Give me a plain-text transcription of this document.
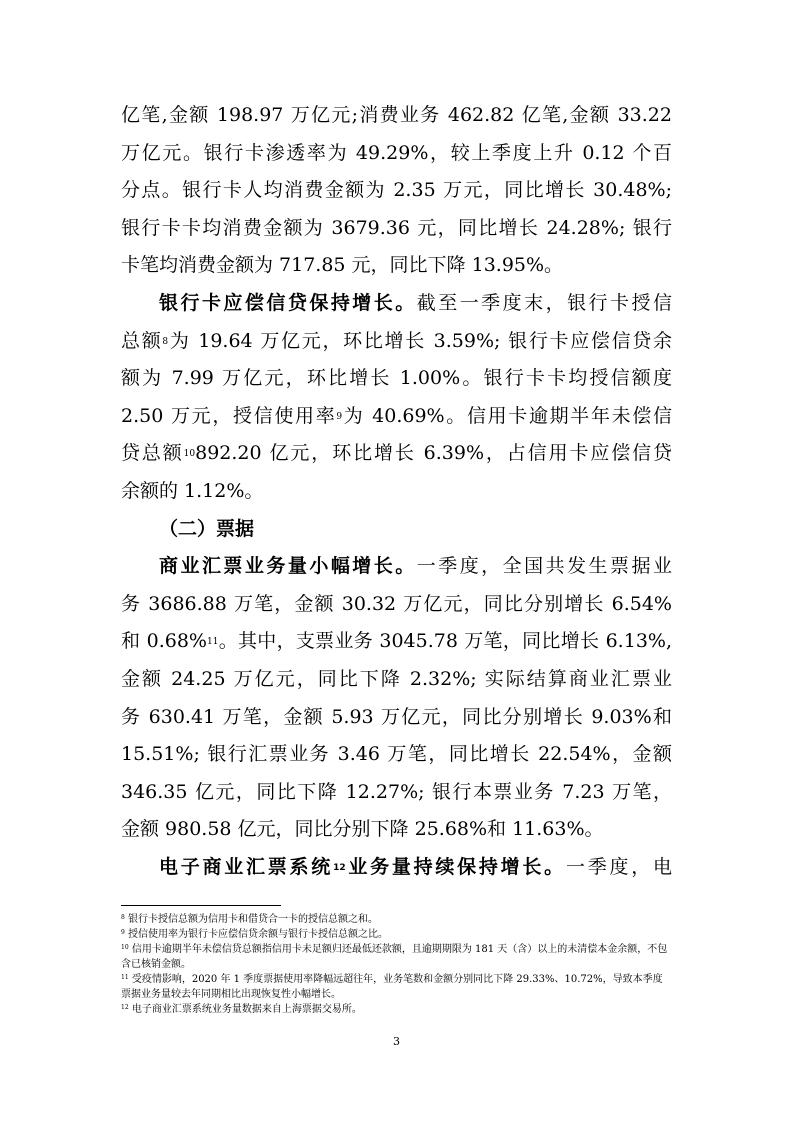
亿笔,金额 198.97 万亿元;消费业务 462.82 亿笔,金额 33.22
万亿元。银行卡渗透率为 49.29%，较上季度上升 0.12 个百
分点。银行卡人均消费金额为 2.35 万元，同比增长 30.48%;
银行卡卡均消费金额为 3679.36 元，同比增长 24.28%; 银行
卡笔均消费金额为 717.85 元，同比下降 13.95%。
银行卡应偿信贷保持增长。截至一季度末，银行卡授信
总额$^8$为 19.64 万亿元，环比增长 3.59%; 银行卡应偿信贷余
额为 7.99 万亿元，环比增长 1.00%。银行卡卡均授信额度
2.50 万元，授信使用率$^9$为 40.69%。信用卡逾期半年未偿信
贷总额$^{10}$892.20 亿元，环比增长 6.39%，占信用卡应偿信贷
余额的 1.12%。
（二）票据
商业汇票业务量小幅增长。一季度，全国共发生票据业
务 3686.88 万笔，金额 30.32 万亿元，同比分别增长 6.54%
和 0.68%$^{11}$。其中，支票业务 3045.78 万笔，同比增长 6.13%,
金额 24.25 万亿元，同比下降 2.32%; 实际结算商业汇票业
务 630.41 万笔，金额 5.93 万亿元，同比分别增长 9.03%和
15.51%; 银行汇票业务 3.46 万笔，同比增长 22.54%，金额
346.35 亿元，同比下降 12.27%; 银行本票业务 7.23 万笔，
金额 980.58 亿元，同比分别下降 25.68%和 11.63%。
电子商业汇票系统$^{12}$业务量持续保持增长。一季度，电
$^8$ 银行卡授信总额为信用卡和借贷合一卡的授信总额之和。
$^9$ 授信使用率为银行卡应偿信贷余额与银行卡授信总额之比。
$^{10}$ 信用卡逾期半年未偿信贷总额指信用卡未足额归还最低还款额，且逾期期限为 181 天（含）以上的未清偿本金余额，不包含已核销金额。
$^{11}$ 受疫情影响，2020 年 1 季度票据使用率降幅远超往年，业务笔数和金额分别同比下降 29.33%、10.72%，导致本季度票据业务量较去年同期相比出现恢复性小幅增长。
$^{12}$ 电子商业汇票系统业务量数据来自上海票据交易所。
3
